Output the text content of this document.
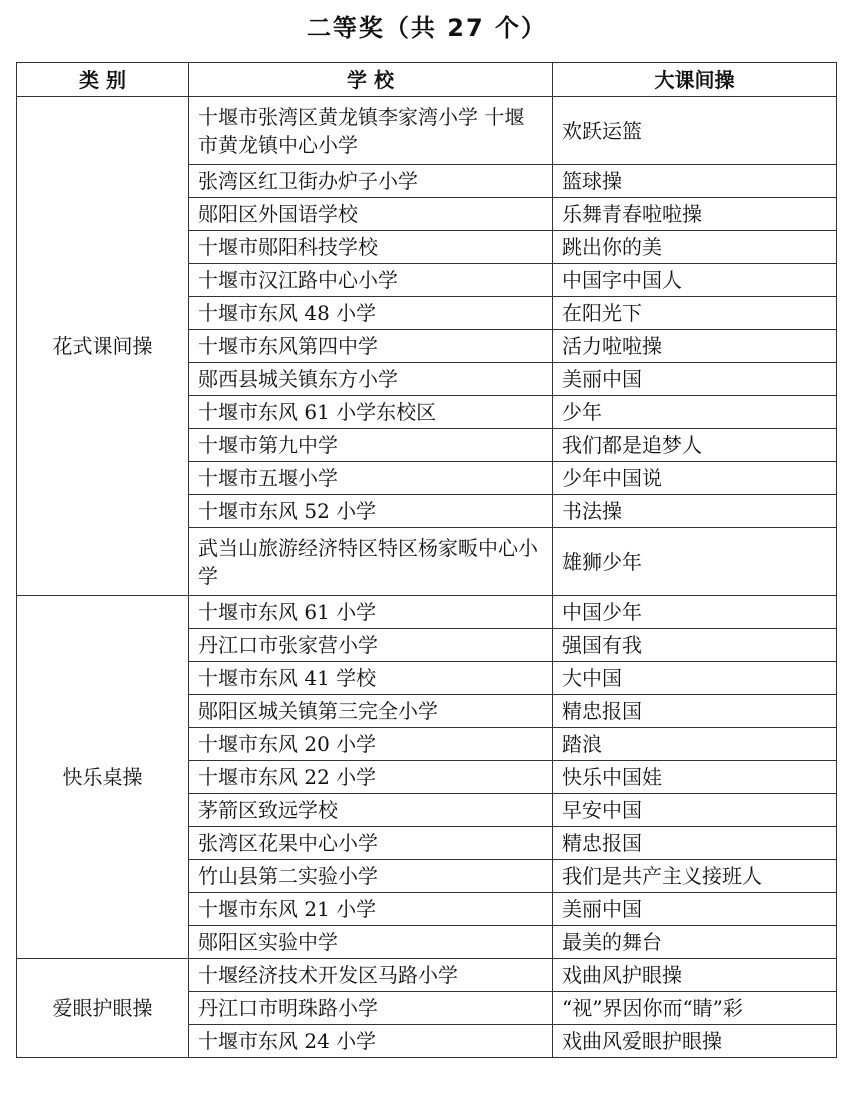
二等奖（共 27 个）
类 别	学 校	大课间操
花式课间操	十堰市张湾区黄龙镇李家湾小学 十堰市黄龙镇中心小学	欢跃运篮
	张湾区红卫街办炉子小学	篮球操
	郧阳区外国语学校	乐舞青春啦啦操
	十堰市郧阳科技学校	跳出你的美
	十堰市汉江路中心小学	中国字中国人
	十堰市东风 48 小学	在阳光下
	十堰市东风第四中学	活力啦啦操
	郧西县城关镇东方小学	美丽中国
	十堰市东风 61 小学东校区	少年
	十堰市第九中学	我们都是追梦人
	十堰市五堰小学	少年中国说
	十堰市东风 52 小学	书法操
	武当山旅游经济特区特区杨家畈中心小学	雄狮少年
快乐桌操	十堰市东风 61 小学	中国少年
	丹江口市张家营小学	强国有我
	十堰市东风 41 学校	大中国
	郧阳区城关镇第三完全小学	精忠报国
	十堰市东风 20 小学	踏浪
	十堰市东风 22 小学	快乐中国娃
	茅箭区致远学校	早安中国
	张湾区花果中心小学	精忠报国
	竹山县第二实验小学	我们是共产主义接班人
	十堰市东风 21 小学	美丽中国
	郧阳区实验中学	最美的舞台
爱眼护眼操	十堰经济技术开发区马路小学	戏曲风护眼操
	丹江口市明珠路小学	“视”界因你而“睛”彩
	十堰市东风 24 小学	戏曲风爱眼护眼操
